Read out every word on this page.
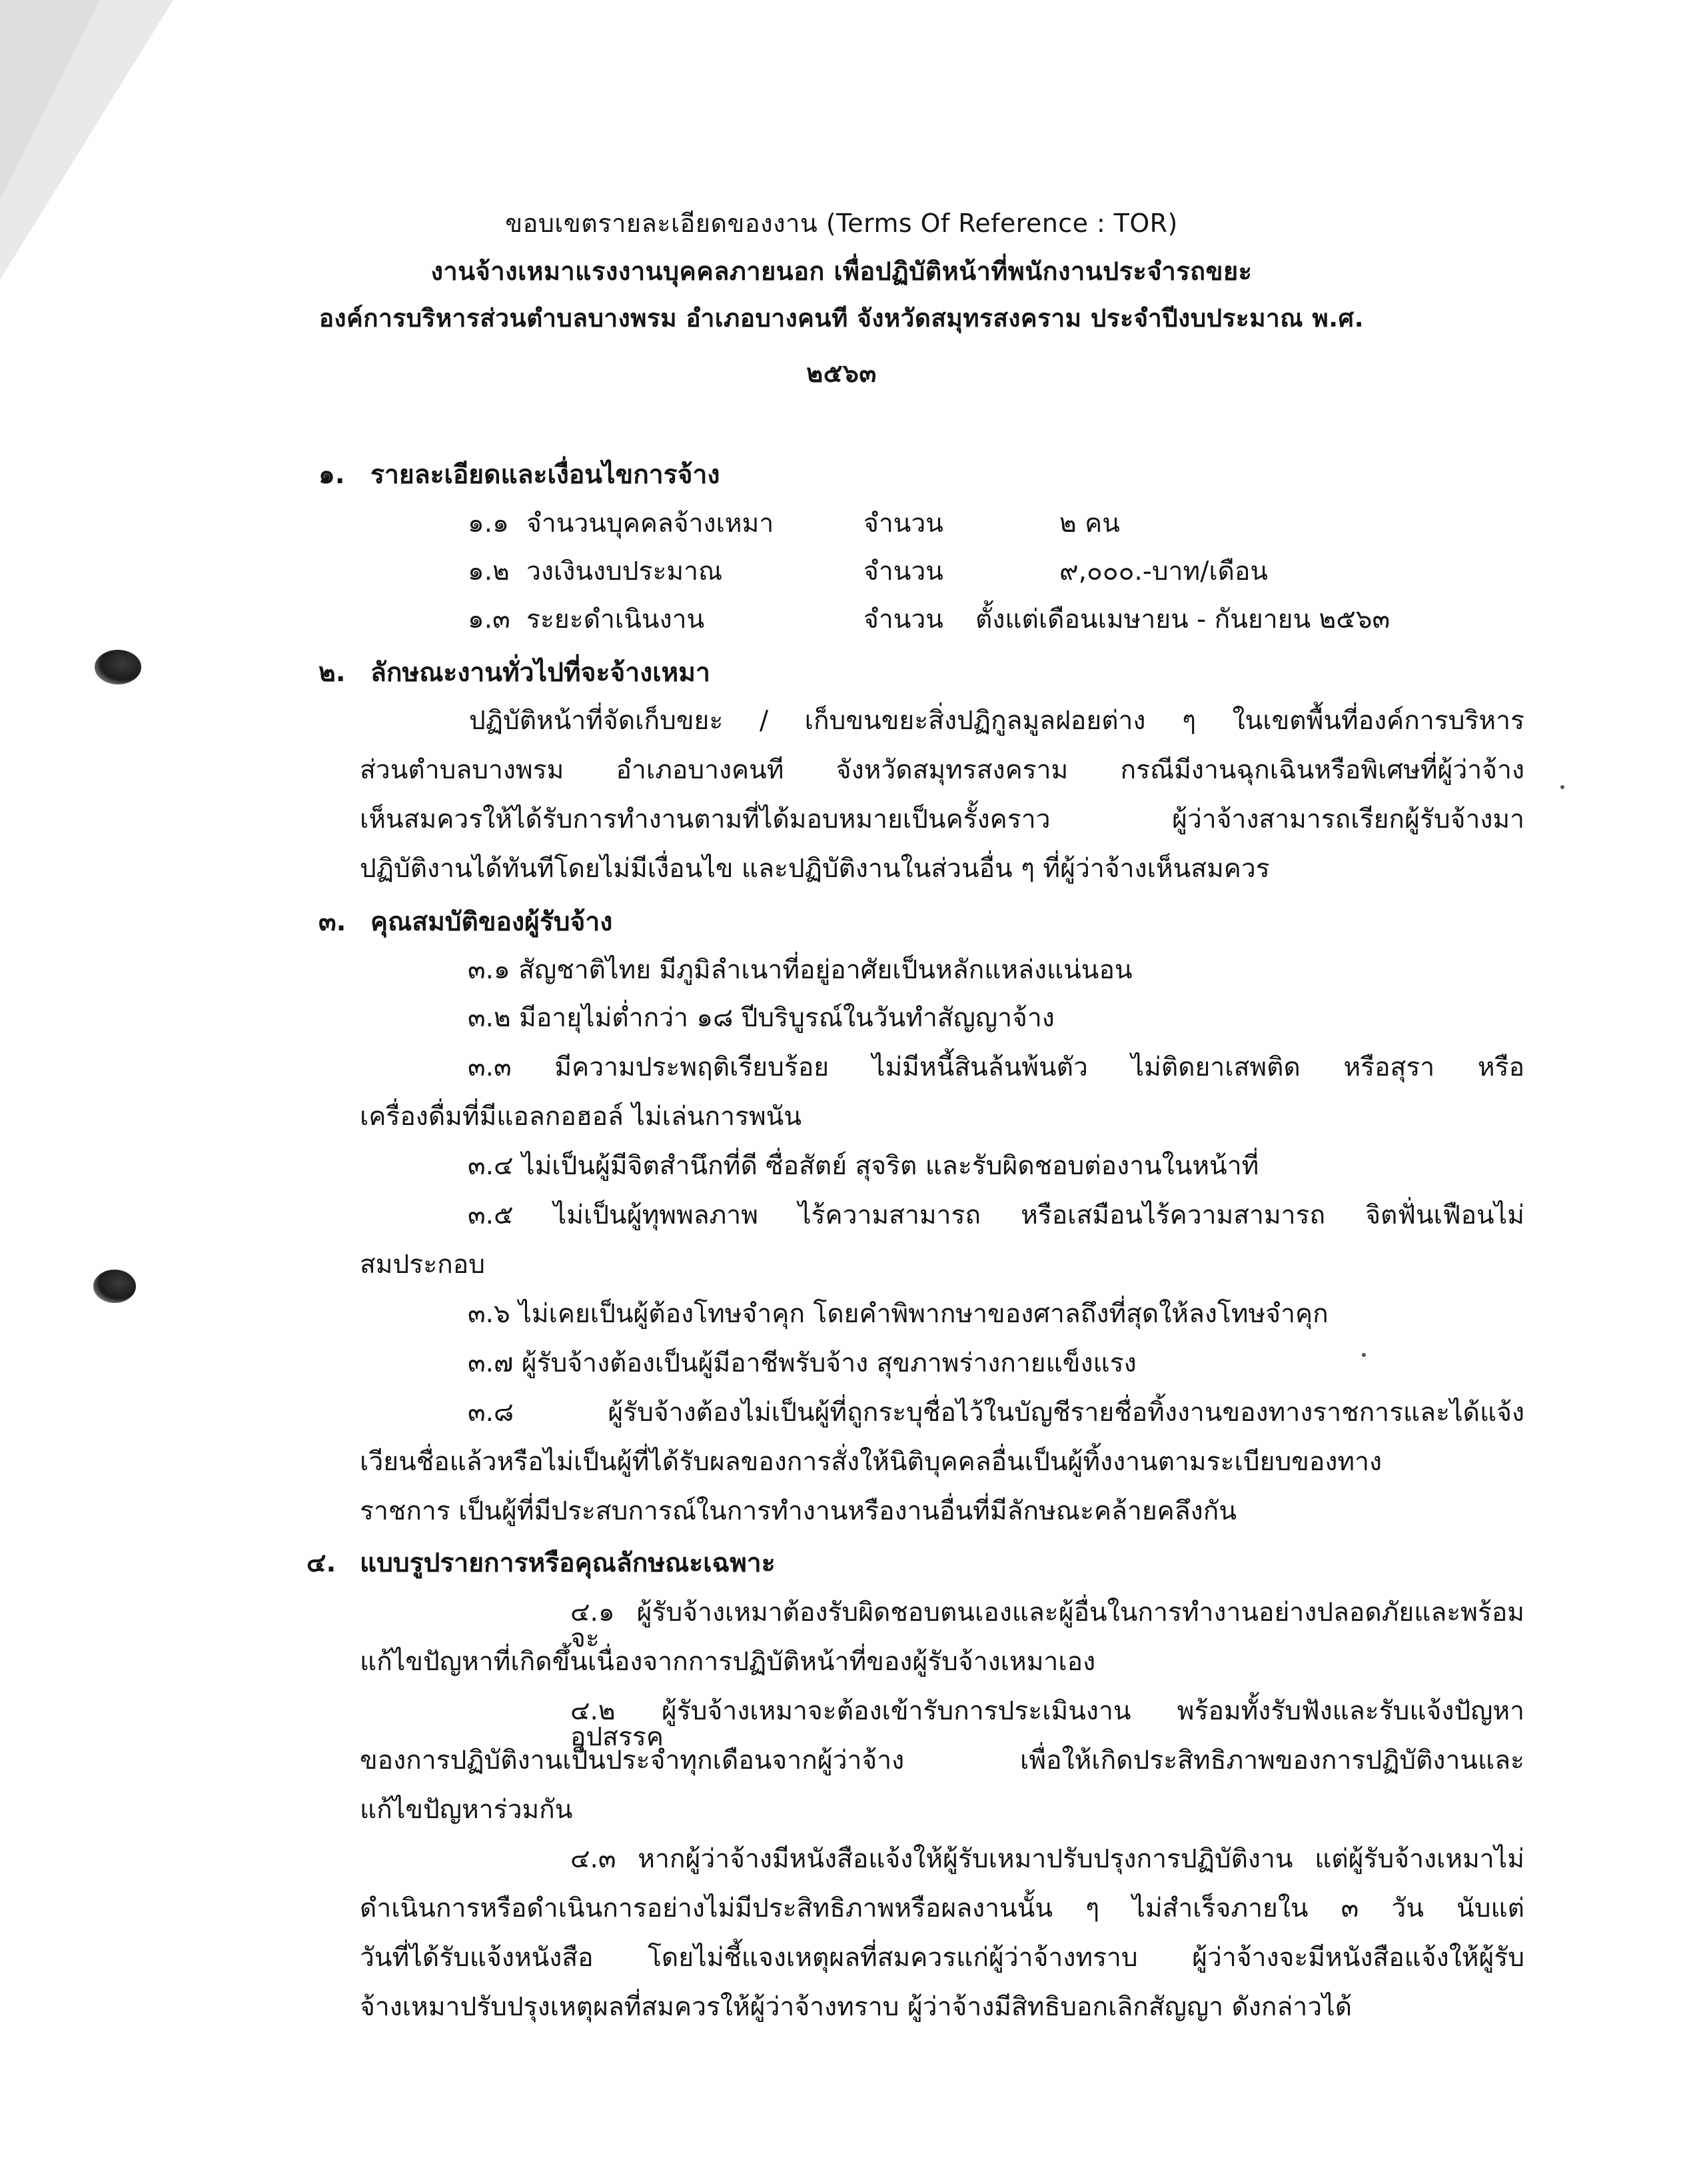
ขอบเขตรายละเอียดของงาน (Terms Of Reference : TOR)
งานจ้างเหมาแรงงานบุคคลภายนอก เพื่อปฏิบัติหน้าที่พนักงานประจำรถขยะ
องค์การบริหารส่วนตำบลบางพรม อำเภอบางคนที จังหวัดสมุทรสงคราม ประจำปีงบประมาณ พ.ศ.
๒๕๖๓
๑. รายละเอียดและเงื่อนไขการจ้าง
๑.๑ จำนวนบุคคลจ้างเหมา	จำนวน	๒ คน
๑.๒ วงเงินงบประมาณ	จำนวน	๙,๐๐๐.-บาท/เดือน
๑.๓ ระยะดำเนินงาน	จำนวน ตั้งแต่เดือนเมษายน - กันยายน ๒๕๖๓
๒. ลักษณะงานทั่วไปที่จะจ้างเหมา
ปฏิบัติหน้าที่จัดเก็บขยะ / เก็บขนขยะสิ่งปฏิกูลมูลฝอยต่าง ๆ ในเขตพื้นที่องค์การบริหาร
ส่วนตำบลบางพรม อำเภอบางคนที จังหวัดสมุทรสงคราม กรณีมีงานฉุกเฉินหรือพิเศษที่ผู้ว่าจ้าง
เห็นสมควรให้ได้รับการทำงานตามที่ได้มอบหมายเป็นครั้งคราว ผู้ว่าจ้างสามารถเรียกผู้รับจ้างมา
ปฏิบัติงานได้ทันทีโดยไม่มีเงื่อนไข และปฏิบัติงานในส่วนอื่น ๆ ที่ผู้ว่าจ้างเห็นสมควร
๓. คุณสมบัติของผู้รับจ้าง
๓.๑ สัญชาติไทย มีภูมิลำเนาที่อยู่อาศัยเป็นหลักแหล่งแน่นอน
๓.๒ มีอายุไม่ต่ำกว่า ๑๘ ปีบริบูรณ์ในวันทำสัญญาจ้าง
๓.๓ มีความประพฤติเรียบร้อย ไม่มีหนี้สินล้นพ้นตัว ไม่ติดยาเสพติด หรือสุรา หรือ
เครื่องดื่มที่มีแอลกอฮอล์ ไม่เล่นการพนัน
๓.๔ ไม่เป็นผู้มีจิตสำนึกที่ดี ซื่อสัตย์ สุจริต และรับผิดชอบต่องานในหน้าที่
๓.๕ ไม่เป็นผู้ทุพพลภาพ ไร้ความสามารถ หรือเสมือนไร้ความสามารถ จิตฟั่นเฟือนไม่
สมประกอบ
๓.๖ ไม่เคยเป็นผู้ต้องโทษจำคุก โดยคำพิพากษาของศาลถึงที่สุดให้ลงโทษจำคุก
๓.๗ ผู้รับจ้างต้องเป็นผู้มีอาชีพรับจ้าง สุขภาพร่างกายแข็งแรง
๓.๘ ผู้รับจ้างต้องไม่เป็นผู้ที่ถูกระบุชื่อไว้ในบัญชีรายชื่อทิ้งงานของทางราชการและได้แจ้ง
เวียนชื่อแล้วหรือไม่เป็นผู้ที่ได้รับผลของการสั่งให้นิติบุคคลอื่นเป็นผู้ทิ้งงานตามระเบียบของทาง
ราชการ เป็นผู้ที่มีประสบการณ์ในการทำงานหรืองานอื่นที่มีลักษณะคล้ายคลึงกัน
๔. แบบรูปรายการหรือคุณลักษณะเฉพาะ
๔.๑ ผู้รับจ้างเหมาต้องรับผิดชอบตนเองและผู้อื่นในการทำงานอย่างปลอดภัยและพร้อม จะ
แก้ไขปัญหาที่เกิดขึ้นเนื่องจากการปฏิบัติหน้าที่ของผู้รับจ้างเหมาเอง
๔.๒ ผู้รับจ้างเหมาจะต้องเข้ารับการประเมินงาน พร้อมทั้งรับฟังและรับแจ้งปัญหาอุปสรรค
ของการปฏิบัติงานเป็นประจำทุกเดือนจากผู้ว่าจ้าง เพื่อให้เกิดประสิทธิภาพของการปฏิบัติงานและ
แก้ไขปัญหาร่วมกัน
๔.๓ หากผู้ว่าจ้างมีหนังสือแจ้งให้ผู้รับเหมาปรับปรุงการปฏิบัติงาน แต่ผู้รับจ้างเหมาไม่
ดำเนินการหรือดำเนินการอย่างไม่มีประสิทธิภาพหรือผลงานนั้น ๆ ไม่สำเร็จภายใน ๓ วัน นับแต่
วันที่ได้รับแจ้งหนังสือ โดยไม่ชี้แจงเหตุผลที่สมควรแก่ผู้ว่าจ้างทราบ ผู้ว่าจ้างจะมีหนังสือแจ้งให้ผู้รับ
จ้างเหมาปรับปรุงเหตุผลที่สมควรให้ผู้ว่าจ้างทราบ ผู้ว่าจ้างมีสิทธิบอกเลิกสัญญา ดังกล่าวได้
